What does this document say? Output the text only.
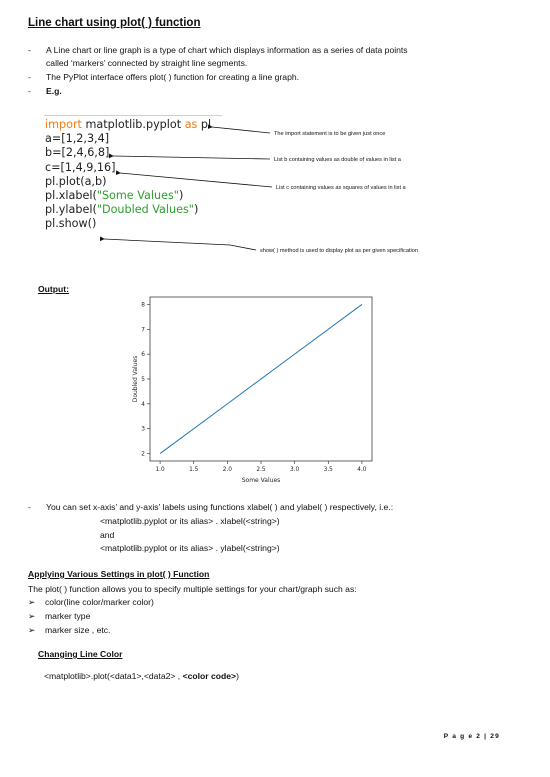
Line chart using plot( ) function
- A Line chart or line graph is a type of chart which displays information as a series of data points
called ‘markers’ connected by straight line segments.
- The PyPlot interface offers plot( ) function for creating a line graph.
- E.g.
import matplotlib.pyplot as pl
a=[1,2,3,4]
b=[2,4,6,8]
c=[1,4,9,16]
pl.plot(a,b)
pl.xlabel("Some Values")
pl.ylabel("Doubled Values")
pl.show()
The import statement is to be given just once
List b containing values as double of values in list a
List c containing values as squares of values in list a
show( ) method is used to display plot as per given specification
Output:
1.0	1.5	2.0	2.5	3.0	3.5	4.0
2
3
4
5
6
7
8
Some Values
Doubled Values
- You can set x-axis’ and y-axis’ labels using functions xlabel( ) and ylabel( ) respectively, i.e.:
<matplotlib.pyplot or its alias> . xlabel(<string>)
and
<matplotlib.pyplot or its alias> . ylabel(<string>)
Applying Various Settings in plot( ) Function
The plot( ) function allows you to specify multiple settings for your chart/graph such as:
➢ color(line color/marker color)
➢ marker type
➢ marker size , etc.
Changing Line Color
<matplotlib>.plot(<data1>,<data2> , <color code>)
P a g e 2 | 29
